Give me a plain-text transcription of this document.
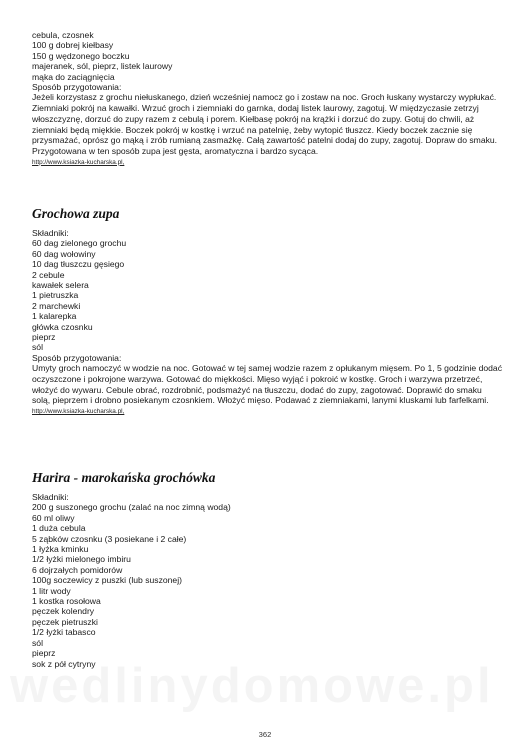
cebula, czosnek
100 g dobrej kiełbasy
150 g wędzonego boczku
majeranek, sól, pieprz, listek laurowy
mąka do zaciągnięcia
Sposób przygotowania:
Jeżeli korzystasz z grochu niełuskanego, dzień wcześniej namocz go i zostaw na noc. Groch łuskany wystarczy wypłukać. Ziemniaki pokrój na kawałki. Wrzuć groch i ziemniaki do garnka, dodaj listek laurowy, zagotuj. W międzyczasie zetrzyj włoszczyznę, dorzuć do zupy razem z cebulą i porem. Kiełbasę pokrój na krążki i dorzuć do zupy. Gotuj do chwili, aż ziemniaki będą miękkie. Boczek pokrój w kostkę i wrzuć na patelnię, żeby wytopić tłuszcz. Kiedy boczek zacznie się przysmażać, oprósz go mąką i zrób rumianą zasmażkę. Całą zawartość patelni dodaj do zupy, zagotuj. Dopraw do smaku. Przygotowana w ten sposób zupa jest gęsta, aromatyczna i bardzo sycąca.
http://www.ksiazka-kucharska.pl,
Grochowa zupa
Składniki:
60 dag zielonego grochu
60 dag wołowiny
10 dag tłuszczu gęsiego
2 cebule
kawałek selera
1 pietruszka
2 marchewki
1 kalarepka
główka czosnku
pieprz
sól
Sposób przygotowania:
Umyty groch namoczyć w wodzie na noc. Gotować w tej samej wodzie razem z opłukanym mięsem. Po 1, 5 godzinie dodać oczyszczone i pokrojone warzywa. Gotować do miękkości. Mięso wyjąć i pokroić w kostkę. Groch i warzywa przetrzeć, włożyć do wywaru. Cebule obrać, rozdrobnić, podsmażyć na tłuszczu, dodać do zupy, zagotować. Doprawić do smaku solą, pieprzem i drobno posiekanym czosnkiem. Włożyć mięso. Podawać z ziemniakami, lanymi kluskami lub farfelkami.
http://www.ksiazka-kucharska.pl,
Harira - marokańska grochówka
Składniki:
200 g suszonego grochu (zalać na noc zimną wodą)
60 ml oliwy
1 duża cebula
5 ząbków czosnku (3 posiekane i 2 całe)
1 łyżka kminku
1/2 łyżki mielonego imbiru
6 dojrzałych pomidorów
100g soczewicy z puszki (lub suszonej)
1 litr wody
1 kostka rosołowa
pęczek kolendry
pęczek pietruszki
1/2 łyżki tabasco
sól
pieprz
sok z pół cytryny
362
